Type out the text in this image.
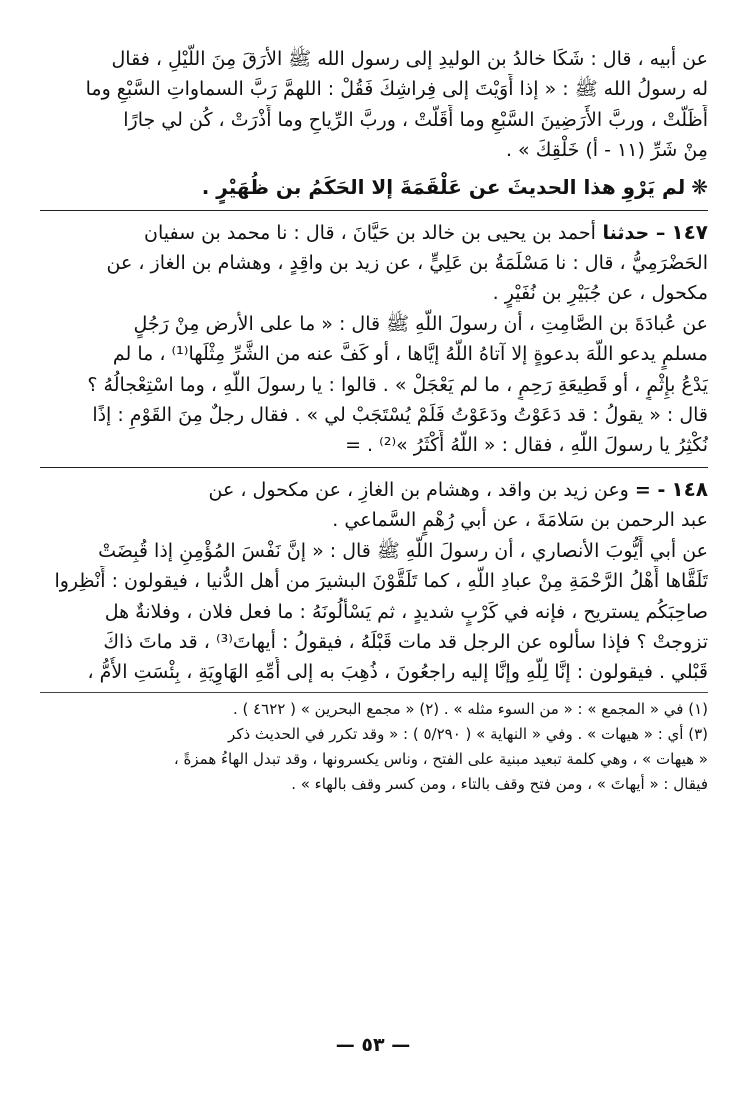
عن أبيه ، قال : شَكَا خالدُ بن الوليدِ إلى رسول الله ﷺ الأرَقَ مِنَ اللَّيْلِ ، فقال

له رسولُ الله ﷺ : « إذا أَوَيْتَ إلى فِراشِكَ فَقُلْ : اللهمَّ رَبَّ السماواتِ السَّبْعِ وما

أَظَلَّتْ ، وربَّ الأَرَضِينَ السَّبْعِ وما أَقَلَّتْ ، وربَّ الرِّياحِ وما أَذْرَتْ ، كُن لي جارًا

مِنْ شَرِّ (١١ - أ) خَلْقِكَ » .

❋لم يَرْوِ هذا الحديثَ عن عَلْقَمَةَ إلا الحَكَمُ بن ظُهَيْرٍ .

١٤٧ – حدثنا أحمد بن يحيى بن خالد بن حَيَّانَ ، قال : نا محمد بن سفيان

الحَضْرَمِيُّ ، قال : نا مَسْلَمَةُ بن عَلِيٍّ ، عن زيد بن واقِدٍ ، وهشام بن الغاز ، عن

مكحول ، عن جُبَيْرِ بن نُفَيْرٍ .

عن عُبادَةَ بن الصَّامِتِ ، أن رسولَ اللَّهِ ﷺ قال : « ما على الأرض مِنْ رَجُلٍ

مسلمٍ يدعو اللَّهَ بدعوةٍ إلا آتاهُ اللَّهُ إيَّاها ، أو كَفَّ عنه من الشَّرِّ مِثْلَها⁽¹⁾ ، ما لم

يَدْعُ بإِثْمٍ ، أو قَطِيعَةِ رَحِمٍ ، ما لم يَعْجَلْ » . قالوا : يا رسولَ اللَّهِ ، وما اسْتِعْجالُهُ ؟

قال : « يقولُ : قد دَعَوْتُ ودَعَوْتُ فَلَمْ يُسْتَجَبْ لي » . فقال رجلٌ مِنَ القَوْمِ : إذًا

نُكْثِرُ يا رسولَ اللَّهِ ، فقال : « اللَّهُ أَكْثَرُ »⁽²⁾ . =

١٤٨ - = وعن زيد بن واقد ، وهشام بن الغازِ ، عن مكحول ، عن

عبد الرحمن بن سَلامَةَ ، عن أبي رُهْمٍ السَّماعي .

عن أبي أَيُّوبَ الأنصاري ، أن رسولَ اللَّهِ ﷺ قال : « إنَّ نَفْسَ المُؤْمِنِ إذا قُبِضَتْ

تَلَقَّاها أَهْلُ الرَّحْمَةِ مِنْ عبادِ اللَّهِ ، كما تَلَقَّوْنَ البشيرَ من أهل الدُّنيا ، فيقولون : أَنْظِروا

صاحِبَكُم يستريح ، فإنه في كَرْبٍ شديدٍ ، ثم يَسْأَلُونَهُ : ما فعل فلان ، وفلانةٌ هل

تزوجتْ ؟ فإذا سألوه عن الرجل قد مات قَبْلَهُ ، فيقولُ : أيهاتَ⁽³⁾ ، قد ماتَ ذاكَ

قَبْلي . فيقولون : إنَّا لِلَّهِ وإنَّا إليه راجعُونَ ، ذُهِبَ به إلى أُمِّهِ الهَاوِيَةِ ، بِئْسَتِ الأُمُّ ،

(١) في « المجمع » : « من السوء مثله » . (٢) « مجمع البحرين » ( ٤٦٢٢ ) .

(٣) أي : « هيهات » . وفي « النهاية » ( ٥/٢٩٠ ) : « وقد تكرر في الحديث ذكر

« هيهات » ، وهي كلمة تبعيد مبنية على الفتح ، وناس يكسرونها ، وقد تبدل الهاءُ همزةً ،

فيقال : « أيهاتَ » ، ومن فتح وقف بالتاء ، ومن كسر وقف بالهاء » .

— ٥٣ —
